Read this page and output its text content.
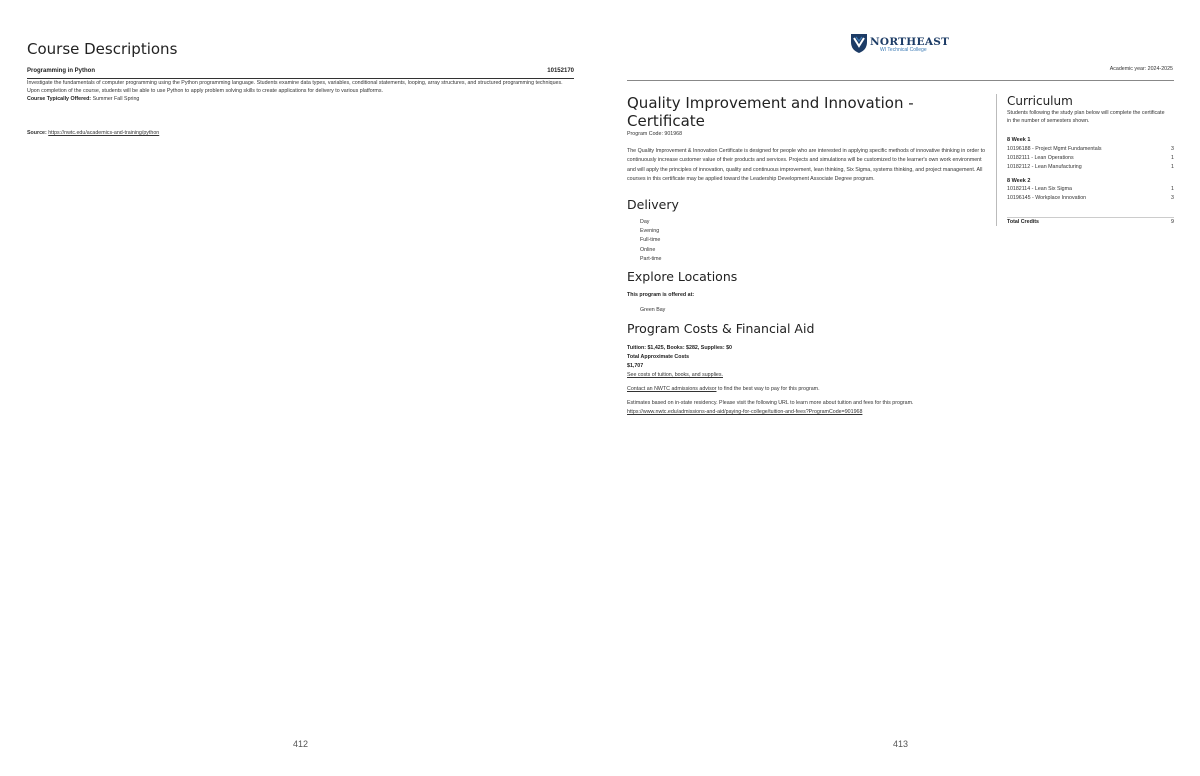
Course Descriptions
Programming in Python	10152170
Investigate the fundamentals of computer programming using the Python programming language. Students examine data types, variables, conditional statements, looping, array structures, and structured programming techniques. Upon completion of the course, students will be able to use Python to apply problem solving skills to create applications for delivery to various platforms.
Course Typically Offered: Summer Fall Spring
Source: https://nwtc.edu/academics-and-training/python
412
NORTHEAST
WI Technical College
Academic year: 2024-2025
Quality Improvement and Innovation - Certificate
Program Code: 901968
The Quality Improvement & Innovation Certificate is designed for people who are interested in applying specific methods of innovative thinking in order to continuously increase customer value of their products and services. Projects and simulations will be customized to the learner's own work environment and will apply the principles of innovation, quality and continuous improvement, lean thinking, Six Sigma, systems thinking, and project management. All courses in this certificate may be applied toward the Leadership Development Associate Degree program.
Delivery
Day
Evening
Full-time
Online
Part-time
Explore Locations
This program is offered at:
Green Bay
Program Costs & Financial Aid
Tuition: $1,425, Books: $282, Supplies: $0
Total Approximate Costs
$1,707
See costs of tuition, books, and supplies.
Contact an NWTC admissions advisor to find the best way to pay for this program.
Estimates based on in-state residency. Please visit the following URL to learn more about tuition and fees for this program.
https://www.nwtc.edu/admissions-and-aid/paying-for-college/tuition-and-fees?ProgramCode=901968
Curriculum
Students following the study plan below will complete the certificate in the number of semesters shown.
8 Week 1
10196188 - Project Mgmt Fundamentals	3
10182111 - Lean Operations	1
10182112 - Lean Manufacturing	1
8 Week 2
10182114 - Lean Six Sigma	1
10196145 - Workplace Innovation	3
Total Credits	9
413
